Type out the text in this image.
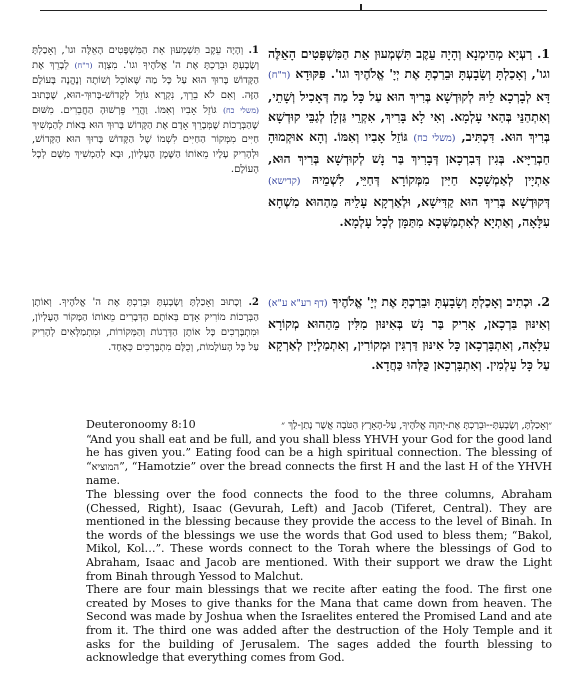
1. וְהָיָה עֵקֶב תִּשְׁמְעוּן אֵת הַמִּשְׁפָּטִים הָאֵלֶּה וגו', וְאָכַלְתָּ וְשָׂבָעְתָּ וּבֵרַכְתָּ אֶת ה' אֱלֹהֶיךָ וגו'. מִצְוָה (ר"ח) לְבָרֵךְ אֶת הַקָּדוֹשׁ בָּרוּךְ הוּא עַל כָּל מַה שֶּׁאוֹכֵל וְשׁוֹתֶה וְנֶהֱנֶה בָּעוֹלָם הַזֶּה. וְאִם לֹא בֵרֵךְ, נִקְרָא גּוֹזֵל לְקָדוֹשׁ-בָּרוּךְ-הוּא, שֶׁכָּתוּב (משלי כח) גּוֹזֵל אָבִיו וְאִמּוֹ. וַהֲרֵי פֵּרְשׁוּהָ הַחֲבֵרִים. מִשּׁוּם שֶׁהַבְּרָכוֹת שֶׁמְּבָרֵךְ אָדָם אֶת הַקָּדוֹשׁ בָּרוּךְ הוּא בָּאוֹת לְהַמְשִׁיךְ חַיִּים מִמְּקוֹר הַחַיִּים לִשְׁמוֹ שֶׁל הַקָּדוֹשׁ בָּרוּךְ הוּא הַקָּדוֹשׁ, וּלְהָרִיק עָלָיו מֵאוֹתוֹ הַשֶּׁמֶן הָעֶלְיוֹן, וּבָא לְהַמְשִׁיךְ מִשָּׁם לְכָל הָעוֹלָם.

2. וְכָתוּב וְאָכַלְתָּ וְשָׂבָעְתָּ וּבֵרַכְתָּ אֶת ה' אֱלֹהֶיךָ. וְאוֹתָן הַבְּרָכוֹת מוֹרִיק אָדָם בְּאוֹתָם הַדְּבָרִים מֵאוֹתוֹ הַמָּקוֹר הָעֶלְיוֹן, וּמִתְבָּרְכִים כָּל אוֹתָן הַדְּרָגוֹת וְהַמְּקוֹרוֹת, וּמִתְמַלְּאִים לְהָרִיק עַל כָּל הָעוֹלָמוֹת, וְכֻלָּם מִתְבָּרְכִים כְּאֶחָד.

1. רַעְיָא מְהֵימְנָא וְהָיָה עֵקֶב תִּשְׁמְעוּן אֵת הַמִּשְׁפָּטִים הָאֵלֶּה וגו', וְאָכַלְתָּ וְשָׂבָעְתָּ וּבֵרַכְתָּ אֶת יְיָ' אֱלֹהֶיךָ וגו'. פִּקּוּדָא (ר"ח) דָּא לְבָרְכָא לֵיהּ לְקוּדְשָׁא בְּרִיךְ הוּא עַל כָּל מַה דְּאָכִיל וְשָׁתֵי, וְאִתְהַנֵּי בְּהַאי עָלְמָא. וְאִי לָא בָּרִיךְ, אִקְרֵי גַּזְלָן לְגַבֵּי קוּדְשָׁא בְּרִיךְ הוּא. דִּכְתִּיב, (משלי כח) גּוֹזֵל אָבִיו וְאִמּוֹ. וְהָא אוּקְמוּהָ חַבְרַיָּיא. בְּגִין דְּבִרְכָאן דְּבָרִיךְ בַּר נָשׁ לְקוּדְשָׁא בְּרִיךְ הוּא, אַתְיָין לְאַמְשָׁכָא חַיִּין מִמְּקוֹרָא דְּחַיֵּי, לִשְׁמֵיהּ (קדישא) דְּקוּדְשָׁא בְּרִיךְ הוּא קַדִּישָׁא, וּלְאַרְקָא עָלֵיהּ מֵהַהוּא מִשְׁחָא עִלָּאָה, וְאַתְיָא לְאִתְמַשְּׁכָא מִתַּמָּן לְכָל עָלְמָא.

2. וּכְתִיב וְאָכַלְתָּ וְשָׂבָעְתָּ וּבֵרַכְתָּ אֶת יְיָ' אֱלֹהֶיךָ (דף רע"א ע"א) וְאִינּוּן בִּרְכָאן, אָרִיק בַּר נָשׁ בְּאִינּוּן מִלִּין מֵהַהוּא מְקוֹרָא עִלָּאָה, וְאִתְבָּרְכָאן כָּל אִינּוּן דַּרְגִּין וּמְקוֹרִין, וְאִתְמַלְיָין לְאַרְקָא עַל כָּל עָלְמִין. וְאִתְבָּרְכָאן כֻּלְּהוּ כַּחֲדָא.

Deuteronoomy 8:10	״וְאָכַלְתָּ, וְשָׂבָעְתָּ--וּבֵרַכְתָּ אֶת-יְהוָה אֱלֹהֶיךָ, עַל-הָאָרֶץ הַטֹּבָה אֲשֶׁר נָתַן-לָךְ ״

“And you shall eat and be full, and you shall bless YHVH your God for the good land he has given you.” Eating food can be a high spiritual connection. The blessing of “המוציא”, “Hamotzie” over the bread connects the first H and the last H of the YHVH name.

The blessing over the food connects the food to the three columns, Abraham (Chessed, Right), Isaac (Gevurah, Left) and Jacob (Tiferet, Central). They are mentioned in the blessing because they provide the access to the level of Binah. In the words of the blessings we use the words that God used to bless them; “Bakol, Mikol, Kol…”. These words connect to the Torah where the blessings of God to Abraham, Isaac and Jacob are mentioned. With their support we draw the Light from Binah through Yessod to Malchut.

There are four main blessings that we recite after eating the food. The first one created by Moses to give thanks for the Mana that came down from heaven. The Second was made by Joshua when the Israelites entered the Promised Land and ate from it. The third one was added after the destruction of the Holy Temple and it asks for the building of Jerusalem. The sages added the fourth blessing to acknowledge that everything comes from God.
